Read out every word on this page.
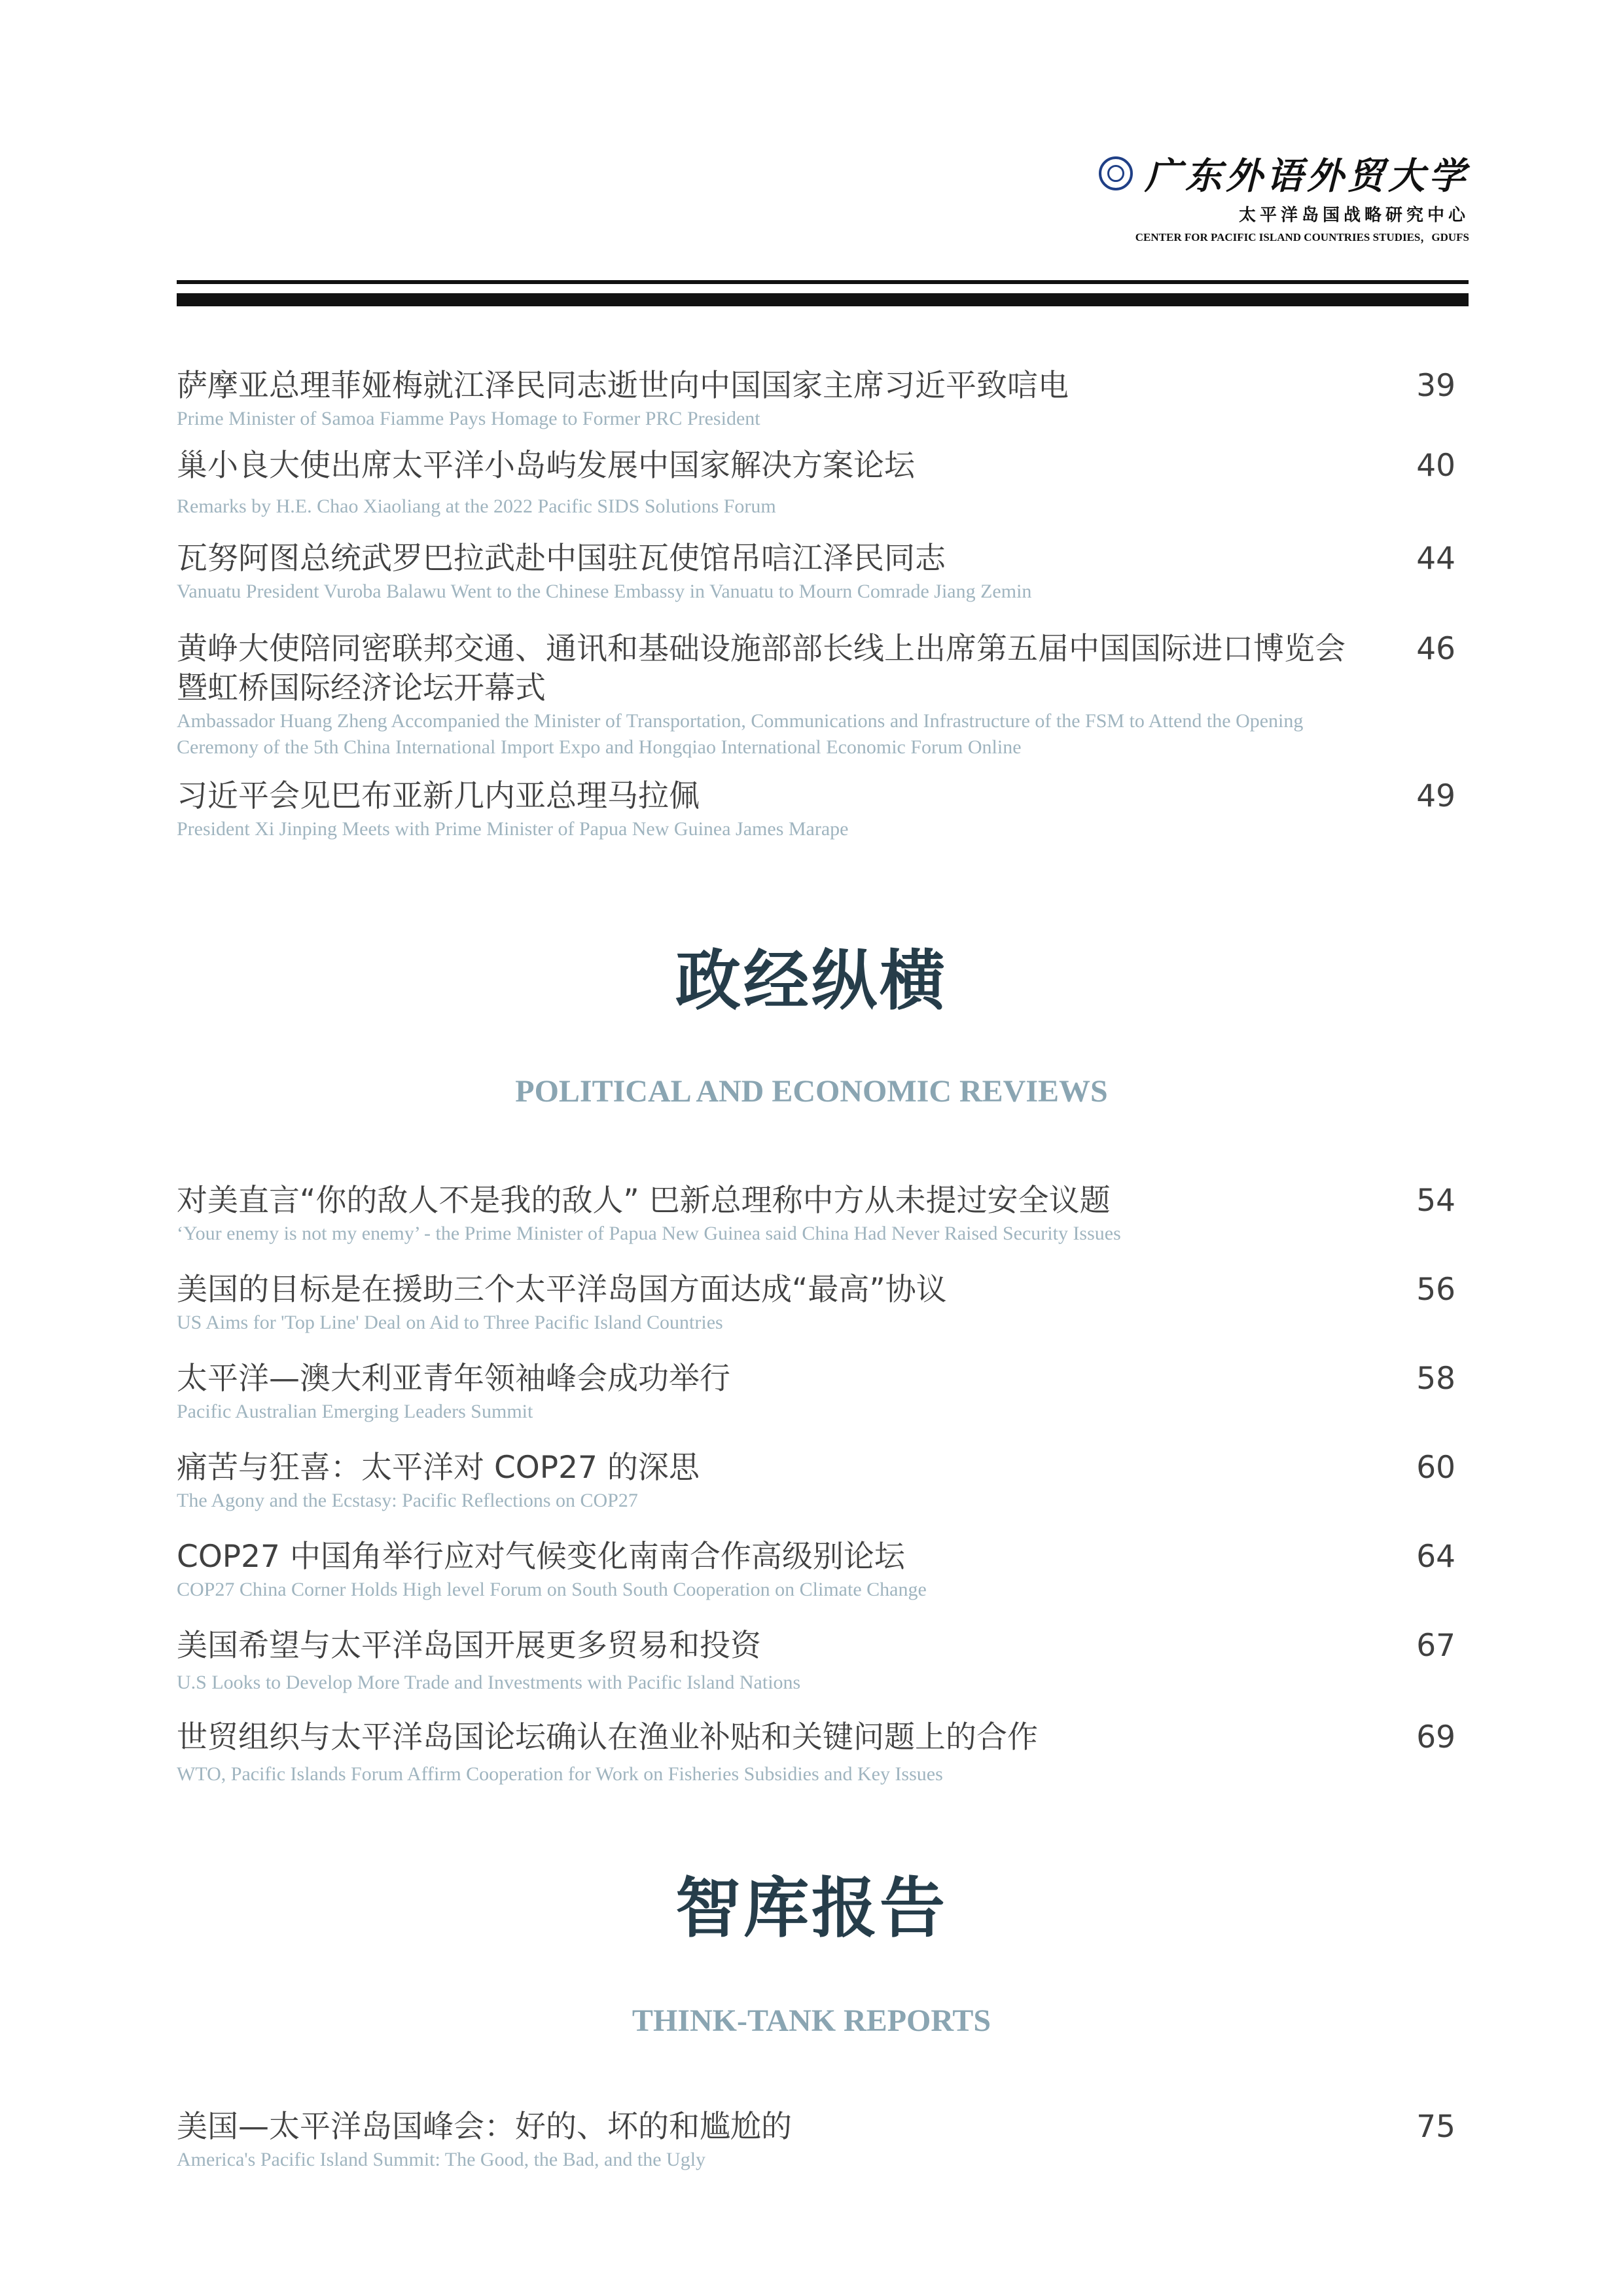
广东外语外贸大学
太平洋岛国战略研究中心
CENTER FOR PACIFIC ISLAND COUNTRIES STUDIES，GDUFS
萨摩亚总理菲娅梅就江泽民同志逝世向中国国家主席习近平致唁电
Prime Minister of Samoa Fiamme Pays Homage to Former PRC President
39
巢小良大使出席太平洋小岛屿发展中国家解决方案论坛
Remarks by H.E. Chao Xiaoliang at the 2022 Pacific SIDS Solutions Forum
40
瓦努阿图总统武罗巴拉武赴中国驻瓦使馆吊唁江泽民同志
Vanuatu President Vuroba Balawu Went to the Chinese Embassy in Vanuatu to Mourn Comrade Jiang Zemin
44
黄峥大使陪同密联邦交通、通讯和基础设施部部长线上出席第五届中国国际进口博览会暨虹桥国际经济论坛开幕式
Ambassador Huang Zheng Accompanied the Minister of Transportation, Communications and Infrastructure of the FSM to Attend the Opening Ceremony of the 5th China International Import Expo and Hongqiao International Economic Forum Online
46
习近平会见巴布亚新几内亚总理马拉佩
President Xi Jinping Meets with Prime Minister of Papua New Guinea James Marape
49
政经纵横
POLITICAL AND ECONOMIC REVIEWS
对美直言“你的敌人不是我的敌人” 巴新总理称中方从未提过安全议题
‘Your enemy is not my enemy’ - the Prime Minister of Papua New Guinea said China Had Never Raised Security Issues
54
美国的目标是在援助三个太平洋岛国方面达成“最高”协议
US Aims for 'Top Line' Deal on Aid to Three Pacific Island Countries
56
太平洋—澳大利亚青年领袖峰会成功举行
Pacific Australian Emerging Leaders Summit
58
痛苦与狂喜：太平洋对 COP27 的深思
The Agony and the Ecstasy: Pacific Reflections on COP27
60
COP27 中国角举行应对气候变化南南合作高级别论坛
COP27 China Corner Holds High level Forum on South South Cooperation on Climate Change
64
美国希望与太平洋岛国开展更多贸易和投资
U.S Looks to Develop More Trade and Investments with Pacific Island Nations
67
世贸组织与太平洋岛国论坛确认在渔业补贴和关键问题上的合作
WTO, Pacific Islands Forum Affirm Cooperation for Work on Fisheries Subsidies and Key Issues
69
智库报告
THINK-TANK REPORTS
美国—太平洋岛国峰会：好的、坏的和尴尬的
America's Pacific Island Summit: The Good, the Bad, and the Ugly
75
